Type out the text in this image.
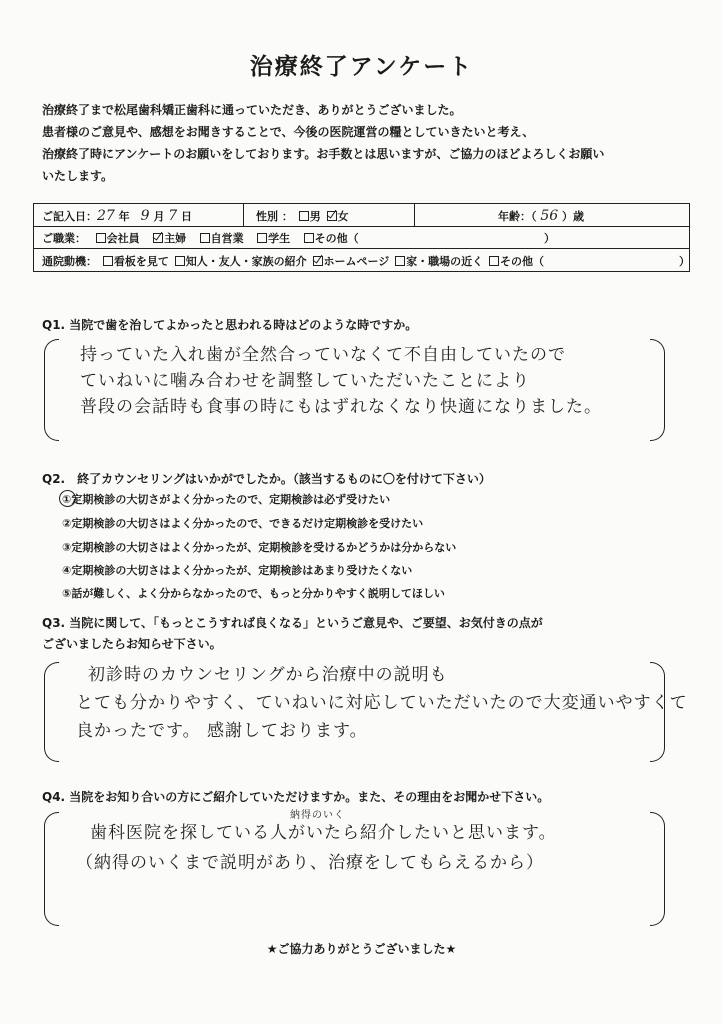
治療終了アンケート
治療終了まで松尾歯科矯正歯科に通っていただき、ありがとうございました。
患者様のご意見や、感想をお聞きすることで、今後の医院運営の糧としていきたいと考え、
治療終了時にアンケートのお願いをしております。お手数とは思いますが、ご協力のほどよろしくお願い
いたします。
ご記入日：27 年　 9 月 7 日	性別 ： 男 女	年齢：（ 56 ）歳
ご職業： 会社員 主婦 自営業 学生 その他（	）
通院動機： 看板を見て 知人・友人・家族の紹介 ホームページ 家・職場の近く その他（	）
Q1. 当院で歯を治してよかったと思われる時はどのような時ですか。
持っていた入れ歯が全然合っていなくて不自由していたので
ていねいに噛み合わせを調整していただいたことにより
普段の会話時も食事の時にもはずれなくなり快適になりました。
Q2.　終了カウンセリングはいかがでしたか。（該当するものに〇を付けて下さい）
①定期検診の大切さがよく分かったので、定期検診は必ず受けたい
②定期検診の大切さはよく分かったので、できるだけ定期検診を受けたい
③定期検診の大切さはよく分かったが、定期検診を受けるかどうかは分からない
④定期検診の大切さはよく分かったが、定期検診はあまり受けたくない
⑤話が難しく、よく分からなかったので、もっと分かりやすく説明してほしい
Q3. 当院に関して、「もっとこうすれば良くなる」というご意見や、ご要望、お気付きの点が
ございましたらお知らせ下さい。
初診時のカウンセリングから治療中の説明も
とても分かりやすく、ていねいに対応していただいたので大変通いやすくて
良かったです。 感謝しております。
Q4. 当院をお知り合いの方にご紹介していただけますか。また、その理由をお聞かせ下さい。
納得のいく
歯科医院を探している人がいたら紹介したいと思います。
（納得のいくまで説明があり、治療をしてもらえるから）
★ご協力ありがとうございました★
